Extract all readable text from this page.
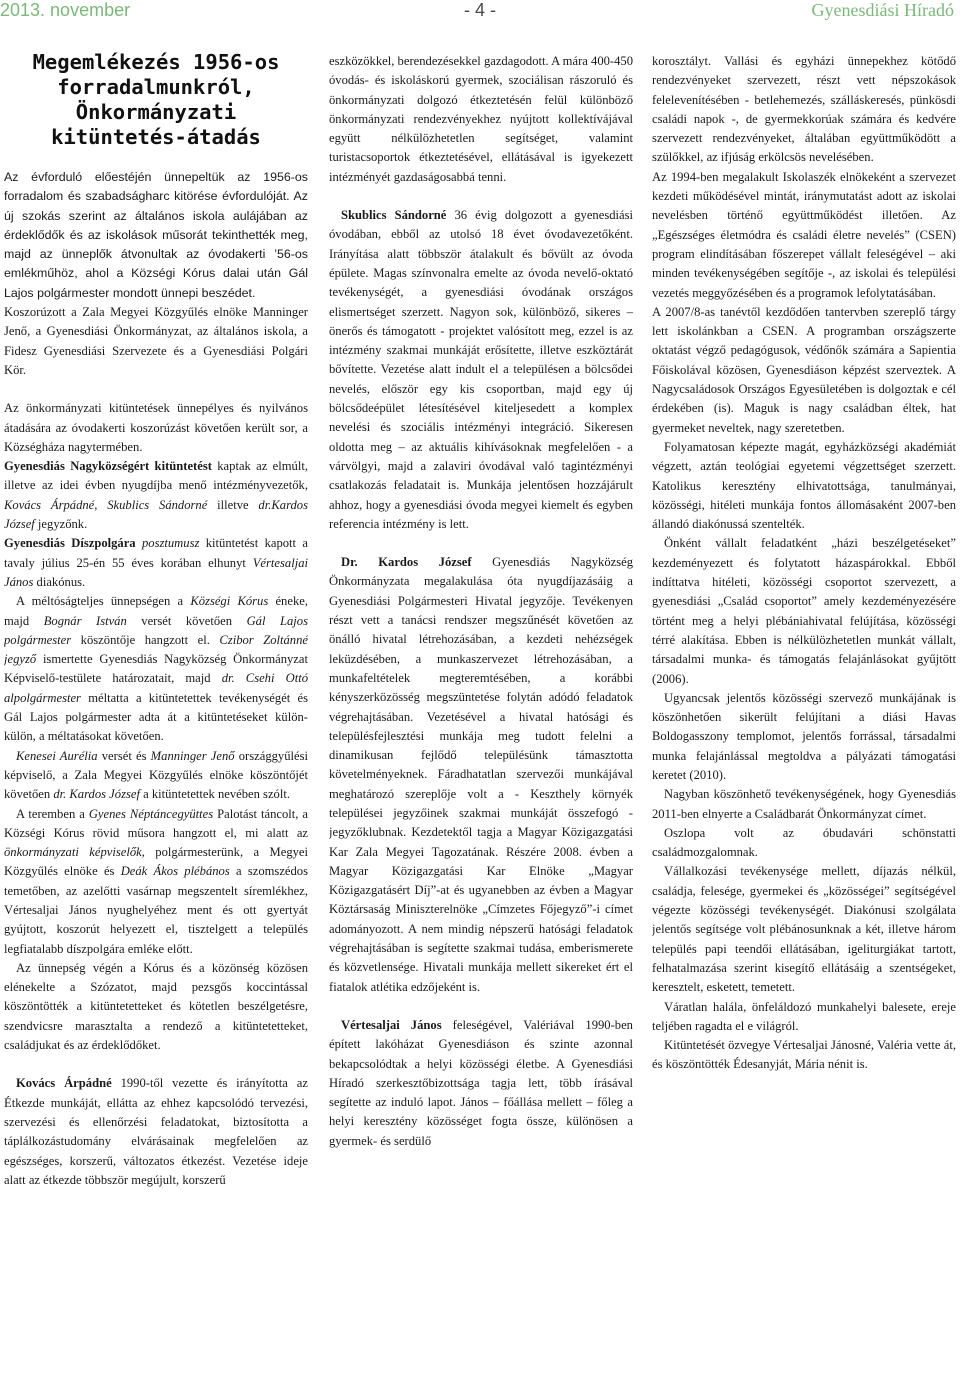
- 4 -
2013. november	Gyenesdiási Híradó
Megemlékezés 1956-os
forradalmunkról,
Önkormányzati
kitüntetés-átadás

Az évforduló előestéjén ünnepeltük az 1956-os forradalom és szabadságharc kitörése évfordulóját. Az új szokás szerint az általános iskola aulájában az érdeklődők és az iskolások műsorát tekinthették meg, majd az ünneplők átvonultak az óvodakerti ’56-os emlékműhöz, ahol a Községi Kórus dalai után Gál Lajos polgármester mondott ünnepi beszédet.

Koszorúzott a Zala Megyei Közgyűlés elnöke Manninger Jenő, a Gyenesdiási Önkormányzat, az általános iskola, a Fidesz Gyenesdiási Szervezete és a Gyenesdiási Polgári Kör.

Az önkormányzati kitüntetések ünnepélyes és nyilvános átadására az óvodakerti koszorúzást követően került sor, a Községháza nagytermében.

Gyenesdiás Nagyközségért kitüntetést kaptak az elmúlt, illetve az idei évben nyugdíjba menő intézményvezetők, Kovács Árpádné, Skublics Sándorné illetve dr.Kardos József jegyzőnk.

Gyenesdiás Díszpolgára posztumusz kitüntetést kapott a tavaly július 25-én 55 éves korában elhunyt Vértesaljai János diakónus.

A méltóságteljes ünnepségen a Községi Kórus éneke, majd Bognár István versét követően Gál Lajos polgármester köszöntője hangzott el. Czibor Zoltánné jegyző ismertette Gyenesdiás Nagyközség Önkormányzat Képviselő-testülete határozatait, majd dr. Csehi Ottó alpolgármester méltatta a kitüntetettek tevékenységét és Gál Lajos polgármester adta át a kitüntetéseket külön-külön, a méltatásokat követően.

Kenesei Aurélia versét és Manninger Jenő országgyűlési képviselő, a Zala Megyei Közgyűlés elnöke köszöntőjét követően dr. Kardos József a kitüntetettek nevében szólt.

A teremben a Gyenes Néptáncegyüttes Palotást táncolt, a Községi Kórus rövid műsora hangzott el, mi alatt az önkormányzati képviselők, polgármesterünk, a Megyei Közgyűlés elnöke és Deák Ákos plébános a szomszédos temetőben, az azelőtti vasárnap megszentelt síremlékhez, Vértesaljai János nyughelyéhez ment és ott gyertyát gyújtott, koszorút helyezett el, tisztelgett a település legfiatalabb díszpolgára emléke előtt.

Az ünnepség végén a Kórus és a közönség közösen elénekelte a Szózatot, majd pezsgős koccintással köszöntötték a kitüntetetteket és kötetlen beszélgetésre, szendvicsre marasztalta a rendező a kitüntetetteket, családjukat és az érdeklődőket.

Kovács Árpádné 1990-től vezette és irányította az Étkezde munkáját, ellátta az ehhez kapcsolódó tervezési, szervezési és ellenőrzési feladatokat, biztosította a táplálkozástudomány elvárásainak megfelelően az egészséges, korszerű, változatos étkezést. Vezetése ideje alatt az étkezde többször megújult, korszerű

eszközökkel, berendezésekkel gazdagodott. A mára 400-450 óvodás- és iskoláskorú gyermek, szociálisan rászoruló és önkormányzati dolgozó étkeztetésén felül különböző önkormányzati rendezvényekhez nyújtott kollektívájával együtt nélkülözhetetlen segítséget, valamint turistacsoportok étkeztetésével, ellátásával is igyekezett intézményét gazdaságosabbá tenni.

Skublics Sándorné 36 évig dolgozott a gyenesdiási óvodában, ebből az utolsó 18 évet óvodavezetőként. Irányítása alatt többször átalakult és bővült az óvoda épülete. Magas színvonalra emelte az óvoda nevelő-oktató tevékenységét, a gyenesdiási óvodának országos elismertséget szerzett. Nagyon sok, különböző, sikeres – önerős és támogatott - projektet valósított meg, ezzel is az intézmény szakmai munkáját erősítette, illetve eszköztárát bővítette. Vezetése alatt indult el a településen a bölcsődei nevelés, először egy kis csoportban, majd egy új bölcsődeépület létesítésével kiteljesedett a komplex nevelési és szociális intézményi integráció. Sikeresen oldotta meg – az aktuális kihívásoknak megfelelően - a várvölgyi, majd a zalaviri óvodával való tagintézményi csatlakozás feladatait is. Munkája jelentősen hozzájárult ahhoz, hogy a gyenesdiási óvoda megyei kiemelt és egyben referencia intézmény is lett.

Dr. Kardos József Gyenesdiás Nagyközség Önkormányzata megalakulása óta nyugdíjazásáig a Gyenesdiási Polgármesteri Hivatal jegyzője. Tevékenyen részt vett a tanácsi rendszer megszűnését követően az önálló hivatal létrehozásában, a kezdeti nehézségek leküzdésében, a munkaszervezet létrehozásában, a munkafeltételek megteremtésében, a korábbi kényszerközösség megszüntetése folytán adódó feladatok végrehajtásában. Vezetésével a hivatal hatósági és településfejlesztési munkája meg tudott felelni a dinamikusan fejlődő településünk támasztotta követelményeknek. Fáradhatatlan szervezői munkájával meghatározó szereplője volt a - Keszthely környék települései jegyzőinek szakmai munkáját összefogó - jegyzőklubnak. Kezdetektől tagja a Magyar Közigazgatási Kar Zala Megyei Tagozatának. Részére 2008. évben a Magyar Közigazgatási Kar Elnöke „Magyar Közigazgatásért Díj”-at és ugyanebben az évben a Magyar Köztársaság Miniszterelnöke „Címzetes Főjegyző”-i címet adományozott. A nem mindig népszerű hatósági feladatok végrehajtásában is segítette szakmai tudása, emberismerete és közvetlensége. Hivatali munkája mellett sikereket ért el fiatalok atlétika edzőjeként is.

Vértesaljai János feleségével, Valériával 1990-ben épített lakóházat Gyenesdiáson és szinte azonnal bekapcsolódtak a helyi közösségi életbe. A Gyenesdiási Híradó szerkesztőbizottsága tagja lett, több írásával segítette az induló lapot. János – főállása mellett – főleg a helyi keresztény közösséget fogta össze, különösen a gyermek- és serdülő

korosztályt. Vallási és egyházi ünnepekhez kötődő rendezvényeket szervezett, részt vett népszokások felelevenítésében - betlehemezés, szálláskeresés, pünkösdi családi napok -, de gyermekkorúak számára és kedvére szervezett rendezvényeket, általában együttműködött a szülőkkel, az ifjúság erkölcsös nevelésében.

Az 1994-ben megalakult Iskolaszék elnökeként a szervezet kezdeti működésével mintát, iránymutatást adott az iskolai nevelésben történő együttműködést illetően. Az „Egészséges életmódra és családi életre nevelés” (CSEN) program elindításában főszerepet vállalt feleségével – aki minden tevékenységében segítője -, az iskolai és települési vezetés meggyőzésében és a programok lefolytatásában.

A 2007/8-as tanévtől kezdődően tantervben szereplő tárgy lett iskolánkban a CSEN. A programban országszerte oktatást végző pedagógusok, védőnők számára a Sapientia Főiskolával közösen, Gyenesdiáson képzést szerveztek. A Nagycsaládosok Országos Egyesületében is dolgoztak e cél érdekében (is). Maguk is nagy családban éltek, hat gyermeket neveltek, nagy szeretetben.

Folyamatosan képezte magát, egyházközségi akadémiát végzett, aztán teológiai egyetemi végzettséget szerzett. Katolikus keresztény elhivatottsága, tanulmányai, közösségi, hitéleti munkája fontos állomásaként 2007-ben állandó diakónussá szentelték.

Önként vállalt feladatként „házi beszélgetéseket” kezdeményezett és folytatott házaspárokkal. Ebből indíttatva hitéleti, közösségi csoportot szervezett, a gyenesdiási „Család csoportot” amely kezdeményezésére történt meg a helyi plébániahivatal felújítása, közösségi térré alakítása. Ebben is nélkülözhetetlen munkát vállalt, társadalmi munka- és támogatás felajánlásokat gyűjtött (2006).

Ugyancsak jelentős közösségi szervező munkájának is köszönhetően sikerült felújítani a diási Havas Boldogasszony templomot, jelentős forrással, társadalmi munka felajánlással megtoldva a pályázati támogatási keretet (2010).

Nagyban köszönhető tevékenységének, hogy Gyenesdiás 2011-ben elnyerte a Családbarát Önkormányzat címet.

Oszlopa volt az óbudavári schönstatti családmozgalomnak.

Vállalkozási tevékenysége mellett, díjazás nélkül, családja, felesége, gyermekei és „közösségei” segítségével végezte közösségi tevékenységét. Diakónusi szolgálata jelentős segítsége volt plébánosunknak a két, illetve három település papi teendői ellátásában, igeliturgiákat tartott, felhatalmazása szerint kisegítő ellátásáig a szentségeket, keresztelt, esketett, temetett.

Váratlan halála, önfeláldozó munkahelyi balesete, ereje teljében ragadta el e világról.

Kitüntetését özvegye Vértesaljai Jánosné, Valéria vette át, és köszöntötték Édesanyját, Mária nénit is.
